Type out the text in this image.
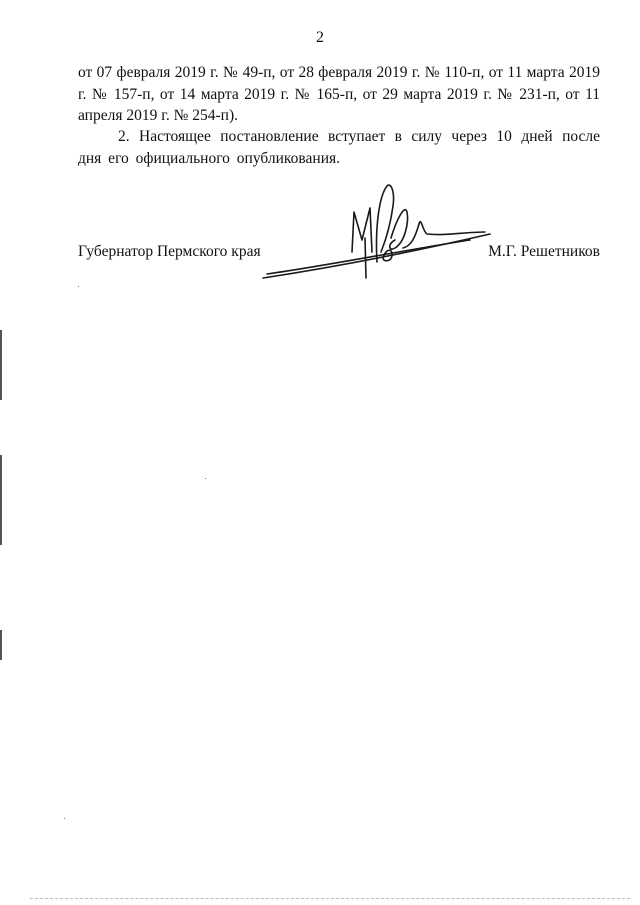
2

от 07 февраля 2019 г. № 49-п, от 28 февраля 2019 г. № 110-п, от 11 марта 2019 г. № 157-п, от 14 марта 2019 г. № 165-п, от 29 марта 2019 г. № 231-п, от 11 апреля 2019 г. № 254-п).

2. Настоящее постановление вступает в силу через 10 дней после дня его официального опубликования.

Губернатор Пермского края	М.Г. Решетников
